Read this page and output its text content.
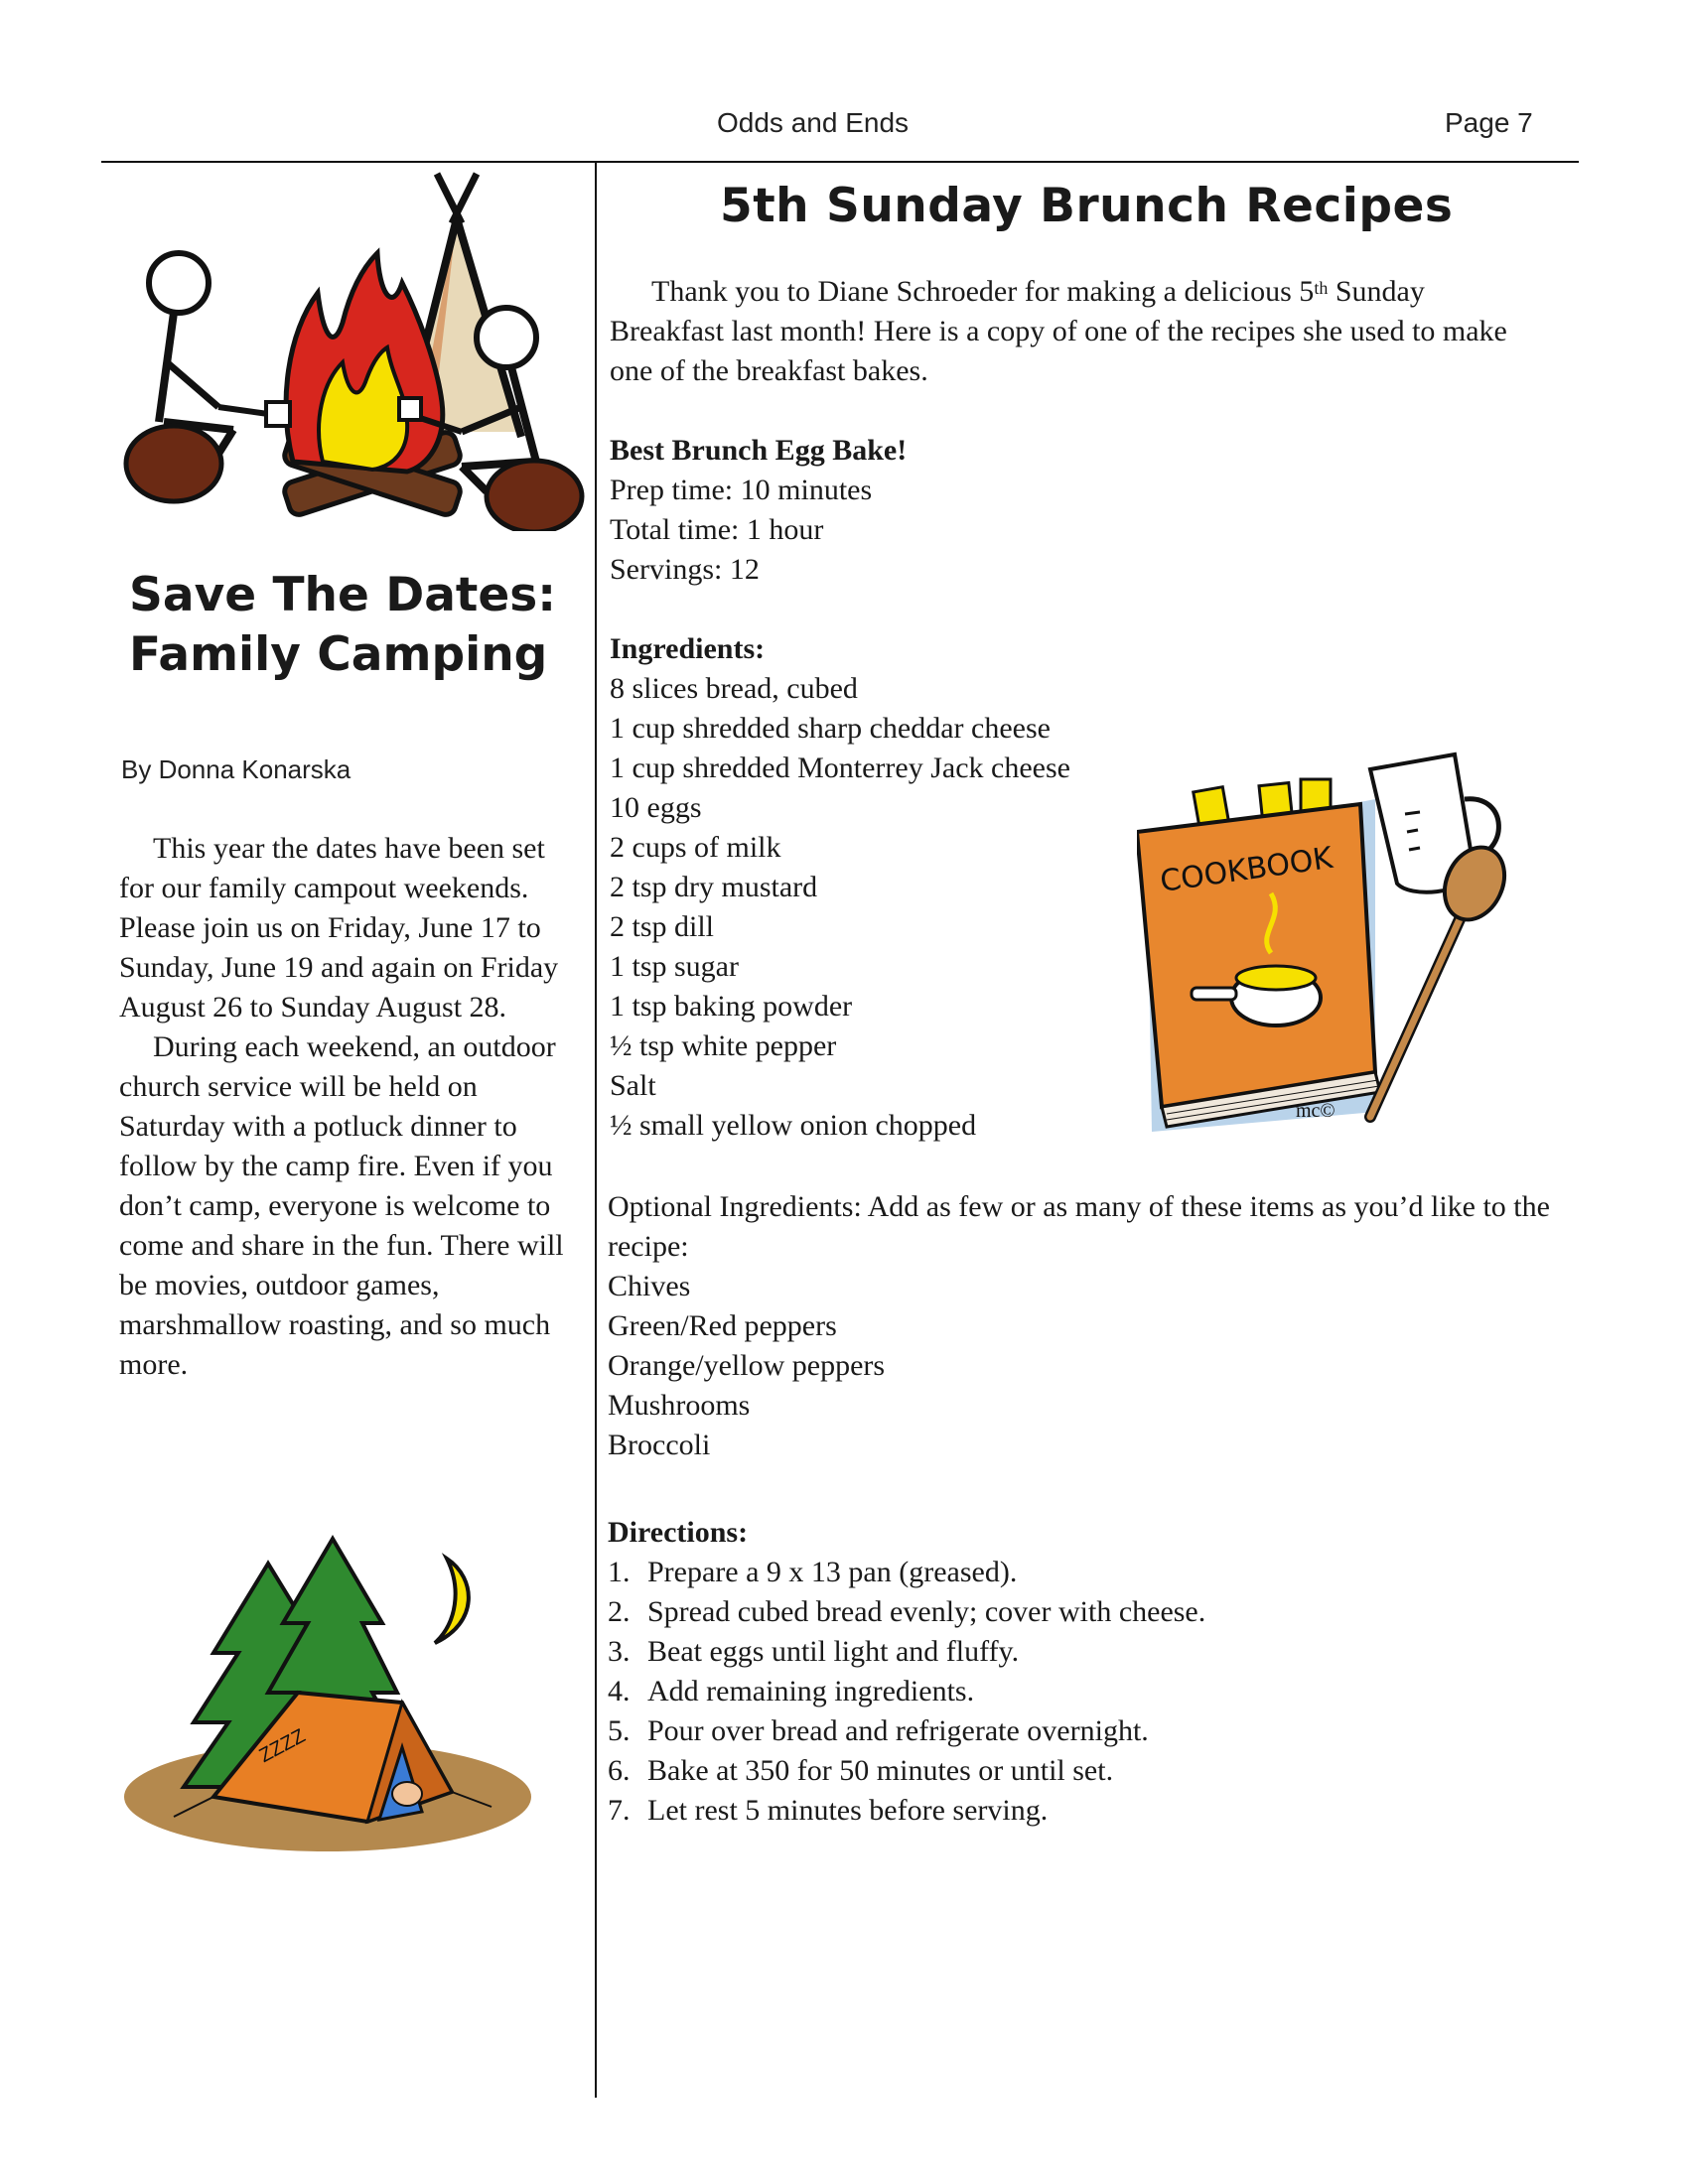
Odds and Ends	Page 7
Save The Dates:
Family Camping
By Donna Konarska

This year the dates have been set for our family campout weekends. Please join us on Friday, June 17 to Sunday, June 19 and again on Friday August 26 to Sunday August 28.

During each weekend, an outdoor church service will be held on Saturday with a potluck dinner to follow by the camp fire. Even if you don’t camp, everyone is welcome to come and share in the fun. There will be movies, outdoor games, marshmallow roasting, and so much more.

ZZZZ
5th Sunday Brunch Recipes

Thank you to Diane Schroeder for making a delicious 5th Sunday Breakfast last month! Here is a copy of one of the recipes she used to make one of the breakfast bakes.

Best Brunch Egg Bake!
Prep time: 10 minutes
Total time: 1 hour
Servings: 12
Ingredients:
8 slices bread, cubed
1 cup shredded sharp cheddar cheese
1 cup shredded Monterrey Jack cheese
10 eggs
2 cups of milk
2 tsp dry mustard
2 tsp dill
1 tsp sugar
1 tsp baking powder
½ tsp white pepper
Salt
½ small yellow onion chopped
COOKBOOK
mc©

Optional Ingredients: Add as few or as many of these items as you’d like to the recipe:

Chives
Green/Red peppers
Orange/yellow peppers
Mushrooms
Broccoli
Directions:
1. Prepare a 9 x 13 pan (greased).
2. Spread cubed bread evenly; cover with cheese.
3. Beat eggs until light and fluffy.
4. Add remaining ingredients.
5. Pour over bread and refrigerate overnight.
6. Bake at 350 for 50 minutes or until set.
7. Let rest 5 minutes before serving.
